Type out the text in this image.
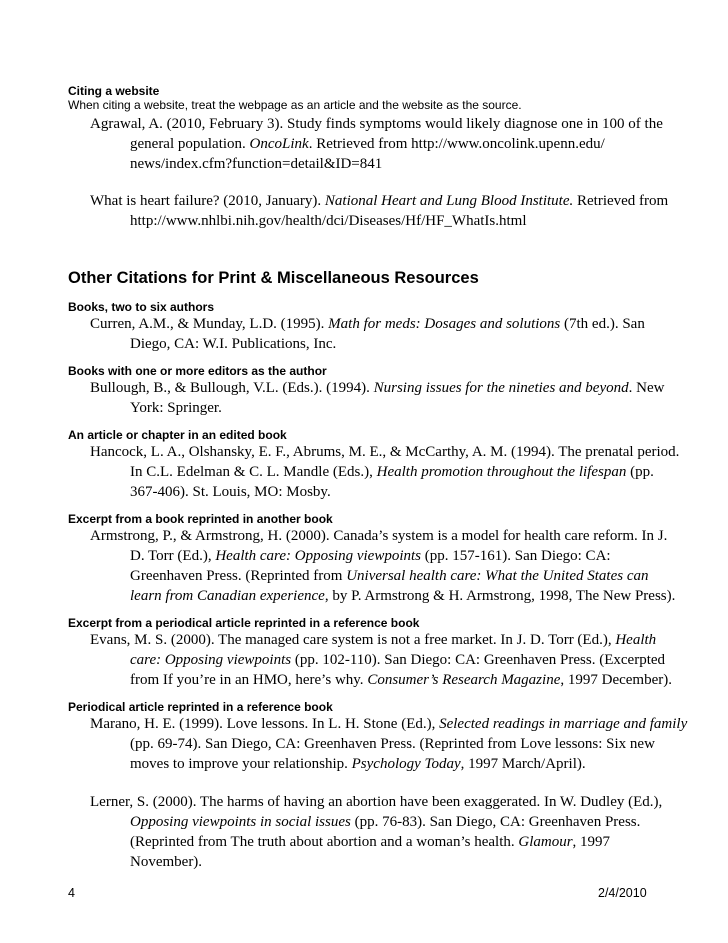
Citing a website
When citing a website, treat the webpage as an article and the website as the source.
Agrawal, A. (2010, February 3). Study finds symptoms would likely diagnose one in 100 of the
general population. OncoLink. Retrieved from http://www.oncolink.upenn.edu/
news/index.cfm?function=detail&ID=841
What is heart failure? (2010, January). National Heart and Lung Blood Institute. Retrieved from
http://www.nhlbi.nih.gov/health/dci/Diseases/Hf/HF_WhatIs.html
Other Citations for Print & Miscellaneous Resources
Books, two to six authors
Curren, A.M., & Munday, L.D. (1995). Math for meds: Dosages and solutions (7th ed.). San
Diego, CA: W.I. Publications, Inc.
Books with one or more editors as the author
Bullough, B., & Bullough, V.L. (Eds.). (1994). Nursing issues for the nineties and beyond. New
York: Springer.
An article or chapter in an edited book
Hancock, L. A., Olshansky, E. F., Abrums, M. E., & McCarthy, A. M. (1994). The prenatal period.
In C.L. Edelman & C. L. Mandle (Eds.), Health promotion throughout the lifespan (pp.
367-406). St. Louis, MO: Mosby.
Excerpt from a book reprinted in another book
Armstrong, P., & Armstrong, H. (2000). Canada’s system is a model for health care reform. In J.
D. Torr (Ed.), Health care: Opposing viewpoints (pp. 157-161). San Diego: CA:
Greenhaven Press. (Reprinted from Universal health care: What the United States can
learn from Canadian experience, by P. Armstrong & H. Armstrong, 1998, The New Press).
Excerpt from a periodical article reprinted in a reference book
Evans, M. S. (2000). The managed care system is not a free market. In J. D. Torr (Ed.), Health
care: Opposing viewpoints (pp. 102-110). San Diego: CA: Greenhaven Press. (Excerpted
from If you’re in an HMO, here’s why. Consumer’s Research Magazine, 1997 December).
Periodical article reprinted in a reference book
Marano, H. E. (1999). Love lessons. In L. H. Stone (Ed.), Selected readings in marriage and family
(pp. 69-74). San Diego, CA: Greenhaven Press. (Reprinted from Love lessons: Six new
moves to improve your relationship. Psychology Today, 1997 March/April).
Lerner, S. (2000). The harms of having an abortion have been exaggerated. In W. Dudley (Ed.),
Opposing viewpoints in social issues (pp. 76-83). San Diego, CA: Greenhaven Press.
(Reprinted from The truth about abortion and a woman’s health. Glamour, 1997
November).
4	2/4/2010
